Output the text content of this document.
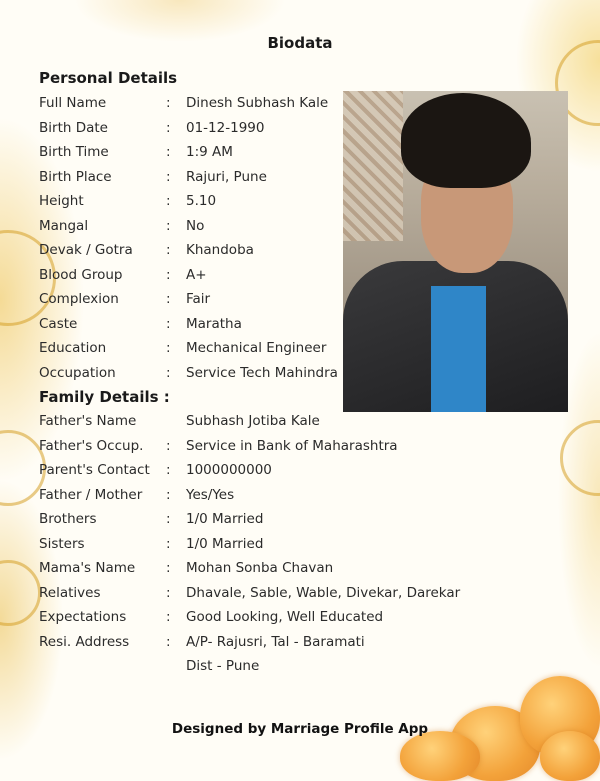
Biodata
Personal Details
Full Name	: Dinesh Subhash Kale
Birth Date	: 01-12-1990
Birth Time	: 1:9 AM
Birth Place	: Rajuri, Pune
Height	: 5.10
Mangal	: No
Devak / Gotra : Khandoba
Blood Group	: A+
Complexion	: Fair
Caste	: Maratha
Education	: Mechanical Engineer
Occupation	: Service Tech Mahindra
Family Details :
Father's Name	Subhash Jotiba Kale
Father's Occup. : Service in Bank of Maharashtra
Parent's Contact : 1000000000
Father / Mother : Yes/Yes
Brothers	: 1/0 Married
Sisters	: 1/0 Married
Mama's Name : Mohan Sonba Chavan
Relatives	: Dhavale, Sable, Wable, Divekar, Darekar
Expectations	: Good Looking, Well Educated
Resi. Address	: A/P- Rajusri, Tal - Baramati
Dist - Pune
Designed by Marriage Profile App
